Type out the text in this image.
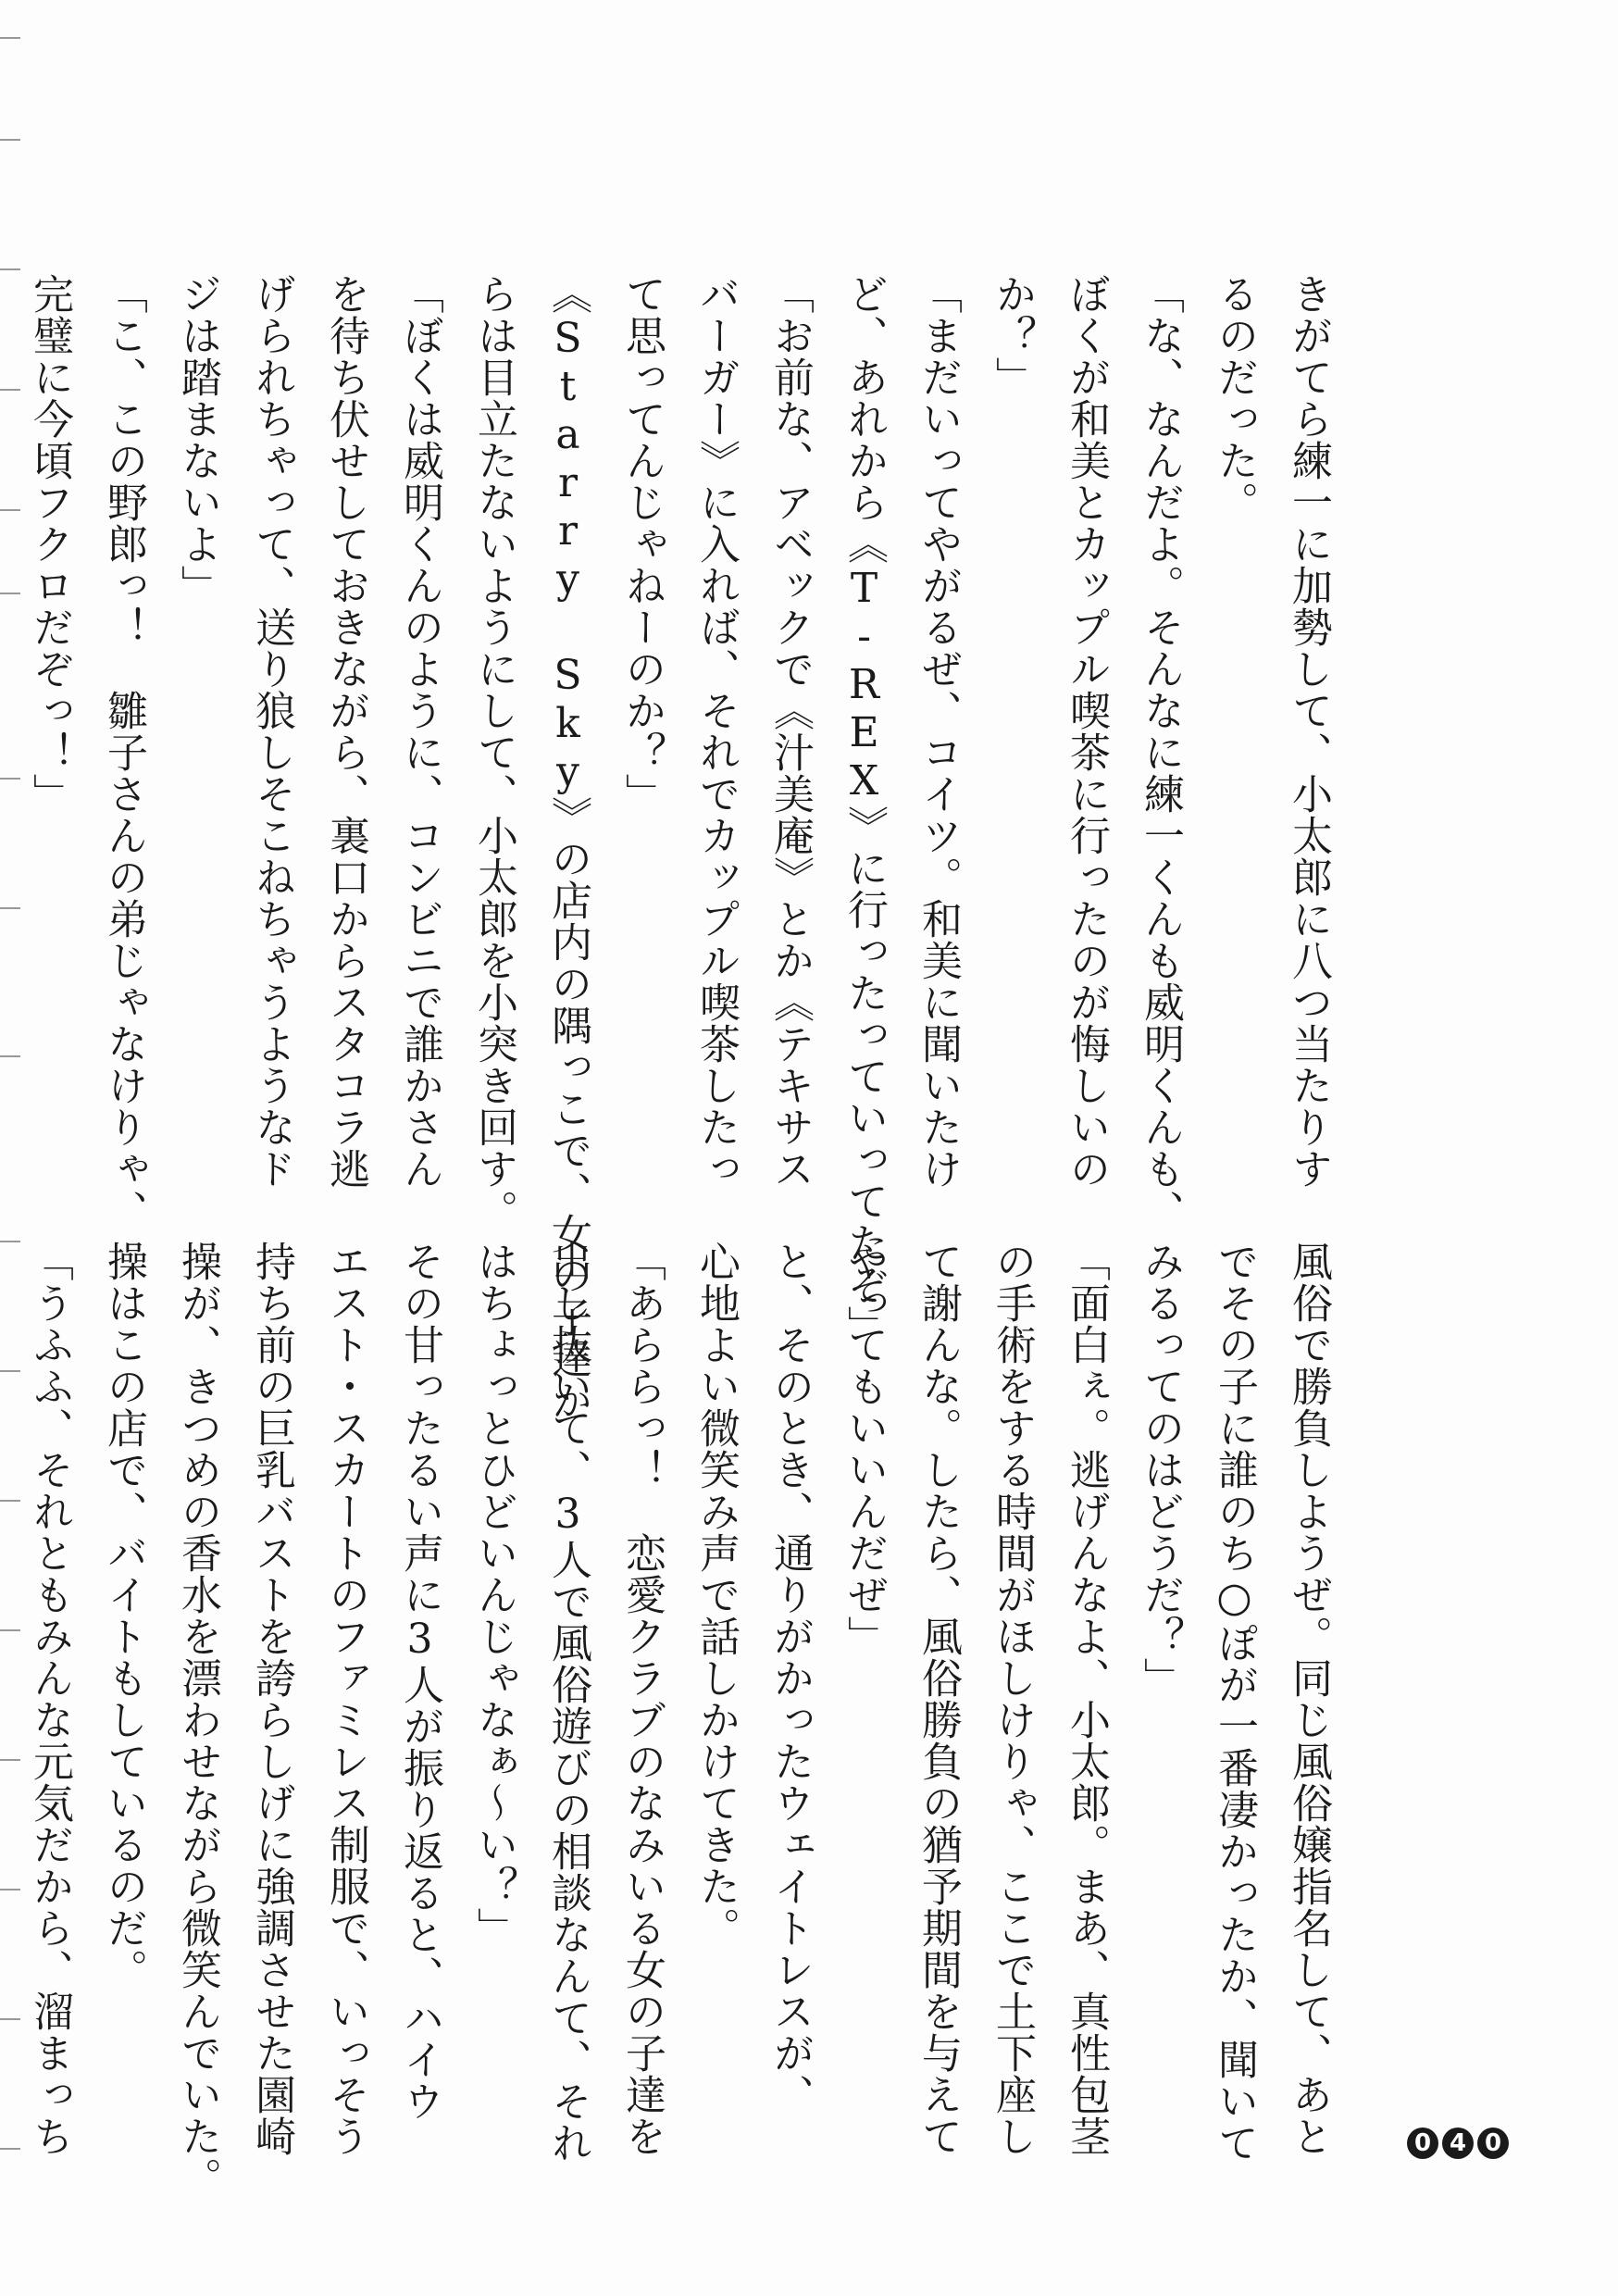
きがてら練一に加勢して、小太郎に八つ当たりす
るのだった。
「な、なんだよ。そんなに練一くんも威明くんも、
ぼくが和美とカップル喫茶に行ったのが悔しいの
か？」
「まだいってやがるぜ、コイツ。和美に聞いたけ
ど、あれから《T-REX》に行ったっていってたぞ」
「お前な、アベックで《汁美庵》とか《テキサス
バーガー》に入れば、それでカップル喫茶したっ
て思ってんじゃねーのか？」
《Starry Sky》の店内の隅っこで、女の子達か
らは目立たないようにして、小太郎を小突き回す。
「ぼくは威明くんのように、コンビニで誰かさん
を待ち伏せしておきながら、裏口からスタコラ逃
げられちゃって、送り狼しそこねちゃうようなド
ジは踏まないよ」
「こ、この野郎っ！　雛子さんの弟じゃなけりゃ、
完璧に今頃フクロだぞっ！」
風俗で勝負しようぜ。同じ風俗嬢指名して、あと
でその子に誰のち○ぽが一番凄かったか、聞いて
みるってのはどうだ？」
「面白ぇ。逃げんなよ、小太郎。まあ、真性包茎
の手術をする時間がほしけりゃ、ここで土下座し
て謝んな。したら、風俗勝負の猶予期間を与えて
やってもいいんだぜ」
と、そのとき、通りがかったウェイトレスが、
心地よい微笑み声で話しかけてきた。
「あららっ！　恋愛クラブのなみいる女の子達を
出し抜いて、3人で風俗遊びの相談なんて、それ
はちょっとひどいんじゃなぁ～い？」
その甘ったるい声に3人が振り返ると、ハイウ
エスト・スカートのファミレス制服で、いっそう
持ち前の巨乳バストを誇らしげに強調させた園崎
操が、きつめの香水を漂わせながら微笑んでいた。
操はこの店で、バイトもしているのだ。
「うふふ、それともみんな元気だから、溜まっち	0 4 0
